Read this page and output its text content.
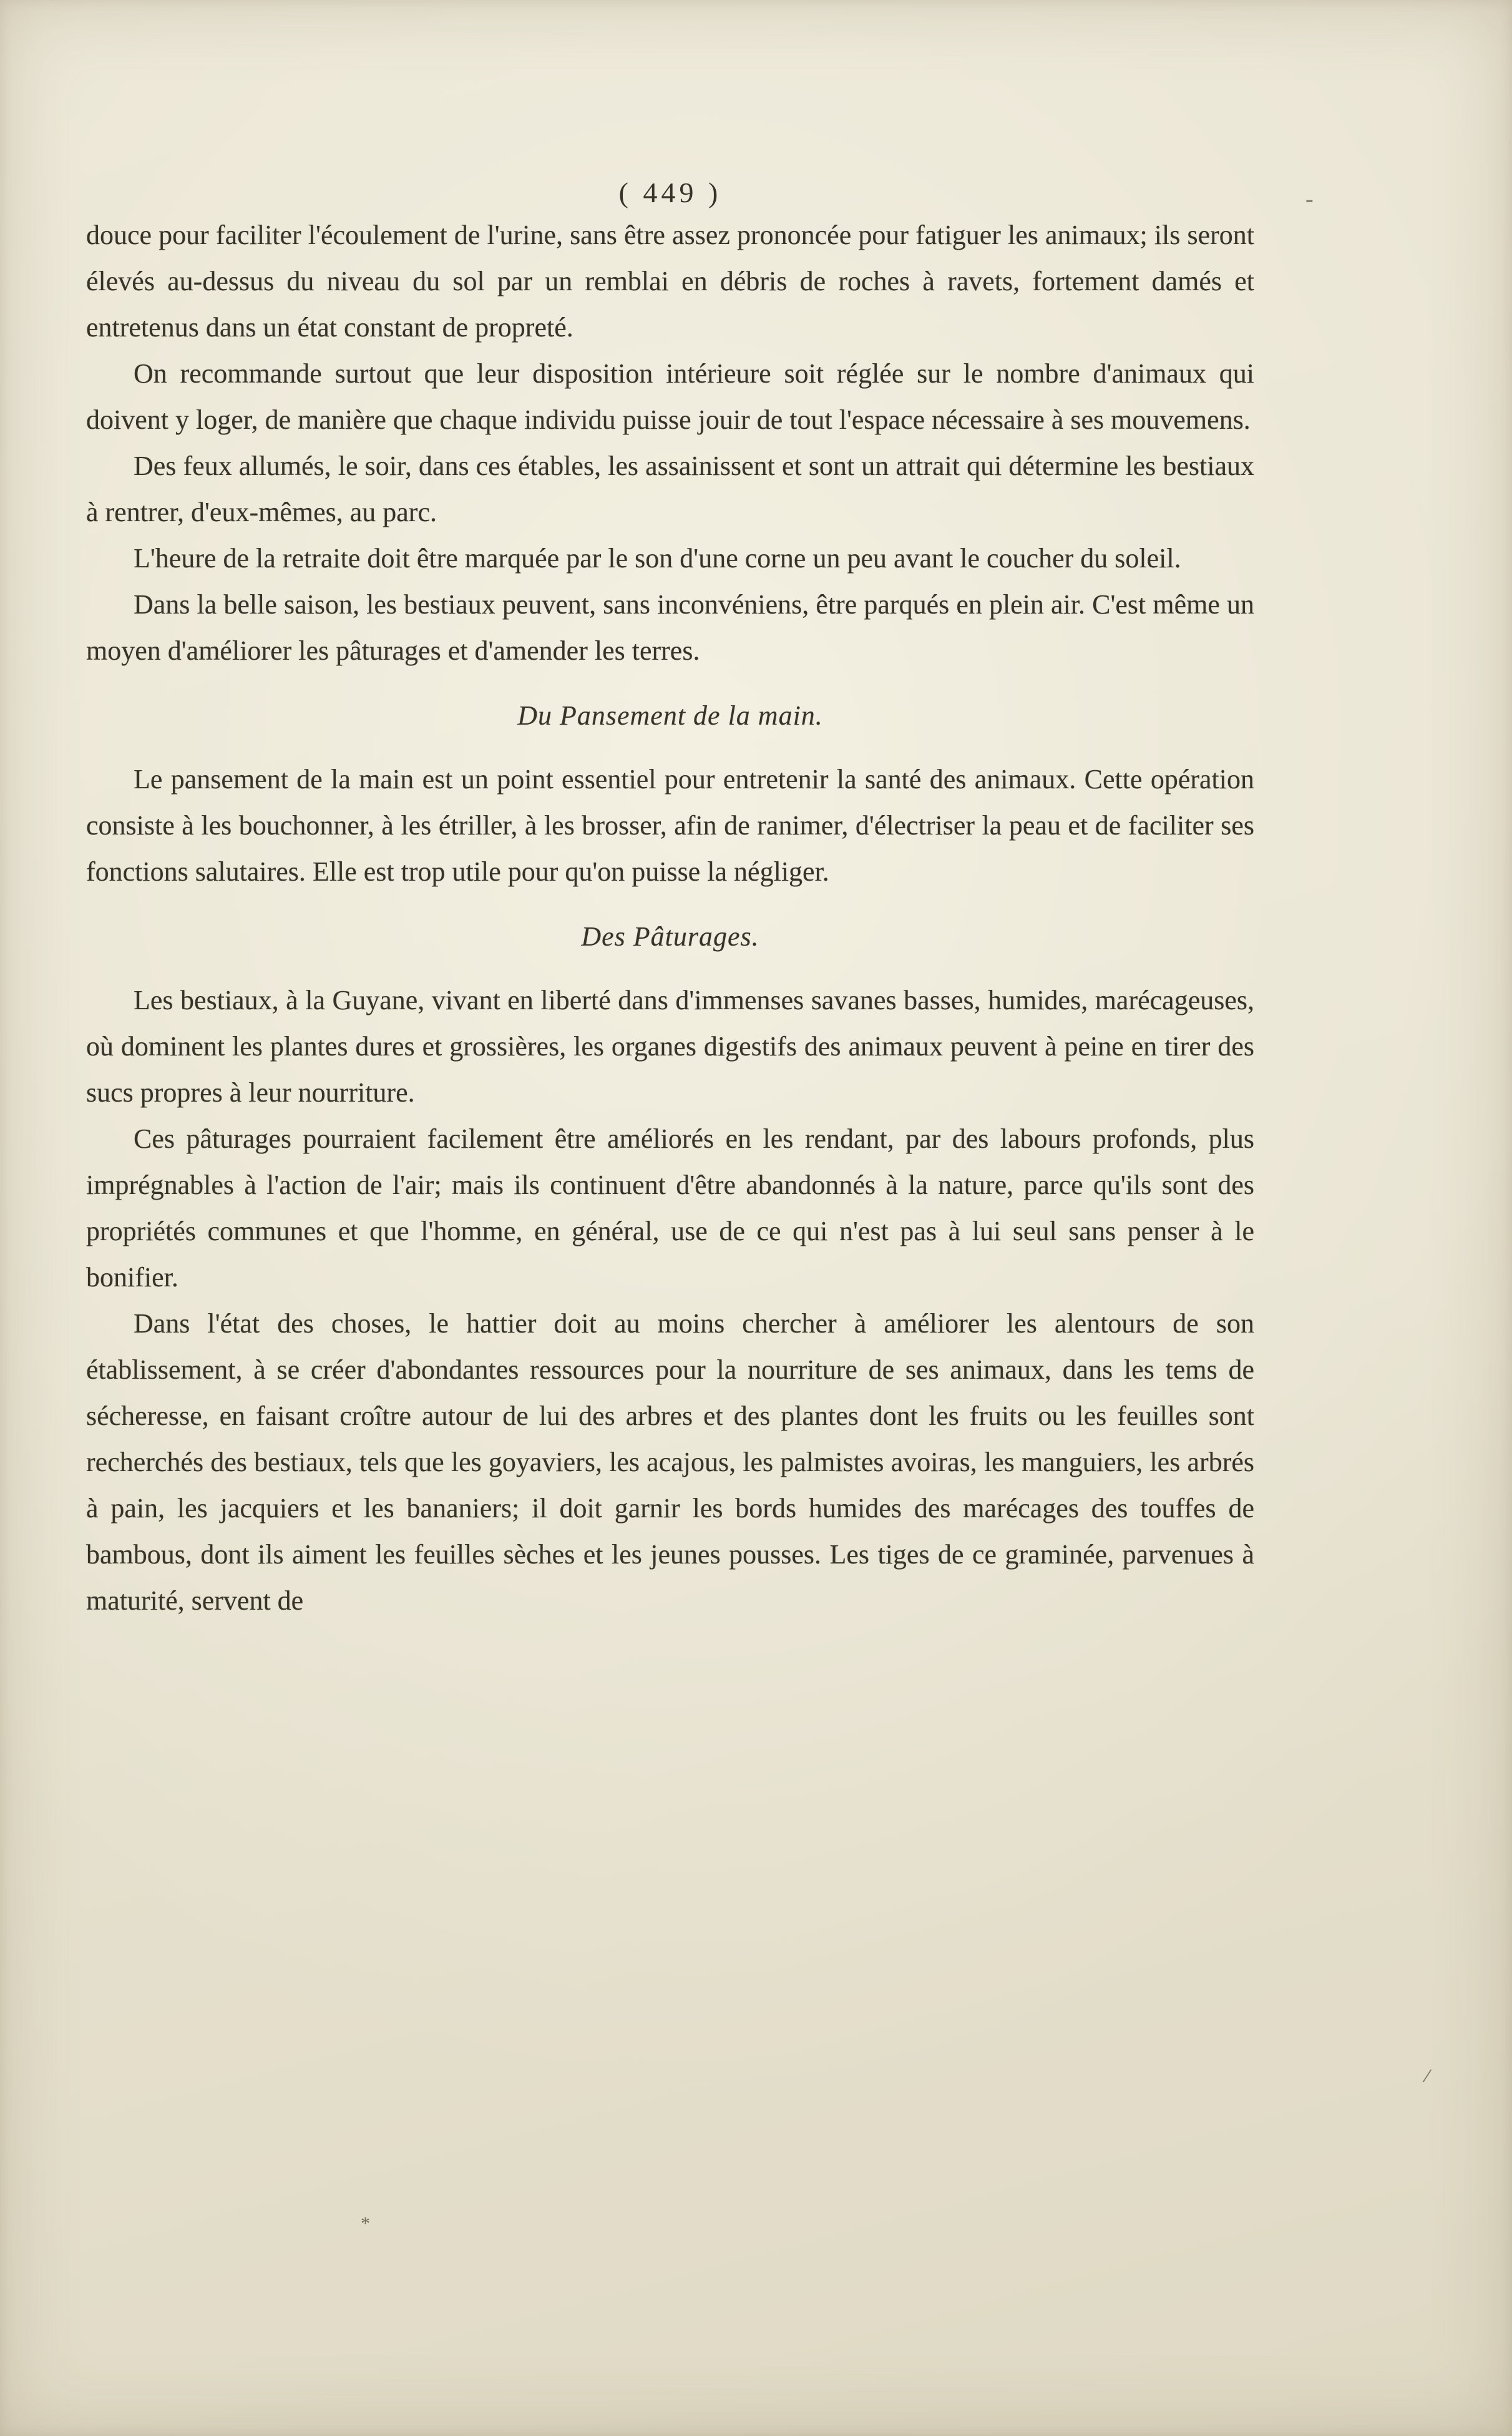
( 449 )

douce pour faciliter l'écoulement de l'urine, sans être assez prononcée pour fatiguer les animaux; ils seront élevés au-dessus du niveau du sol par un remblai en débris de roches à ravets, fortement damés et entretenus dans un état constant de propreté.

On recommande surtout que leur disposition intérieure soit réglée sur le nombre d'animaux qui doivent y loger, de manière que chaque individu puisse jouir de tout l'espace nécessaire à ses mouvemens.

Des feux allumés, le soir, dans ces étables, les assainissent et sont un attrait qui détermine les bestiaux à rentrer, d'eux-mêmes, au parc.

L'heure de la retraite doit être marquée par le son d'une corne un peu avant le coucher du soleil.

Dans la belle saison, les bestiaux peuvent, sans inconvéniens, être parqués en plein air. C'est même un moyen d'améliorer les pâturages et d'amender les terres.

Du Pansement de la main.

Le pansement de la main est un point essentiel pour entretenir la santé des animaux. Cette opération consiste à les bouchonner, à les étriller, à les brosser, afin de ranimer, d'électriser la peau et de faciliter ses fonctions salutaires. Elle est trop utile pour qu'on puisse la négliger.

Des Pâturages.

Les bestiaux, à la Guyane, vivant en liberté dans d'immenses savanes basses, humides, marécageuses, où dominent les plantes dures et grossières, les organes digestifs des animaux peuvent à peine en tirer des sucs propres à leur nourriture.

Ces pâturages pourraient facilement être améliorés en les rendant, par des labours profonds, plus imprégnables à l'action de l'air; mais ils continuent d'être abandonnés à la nature, parce qu'ils sont des propriétés communes et que l'homme, en général, use de ce qui n'est pas à lui seul sans penser à le bonifier.

Dans l'état des choses, le hattier doit au moins chercher à améliorer les alentours de son établissement, à se créer d'abondantes ressources pour la nourriture de ses animaux, dans les tems de sécheresse, en faisant croître autour de lui des arbres et des plantes dont les fruits ou les feuilles sont recherchés des bestiaux, tels que les goyaviers, les acajous, les palmistes avoiras, les manguiers, les arbrés à pain, les jacquiers et les bananiers; il doit garnir les bords humides des marécages des touffes de bambous, dont ils aiment les feuilles sèches et les jeunes pousses. Les tiges de ce graminée, parvenues à maturité, servent de

-
/
*
